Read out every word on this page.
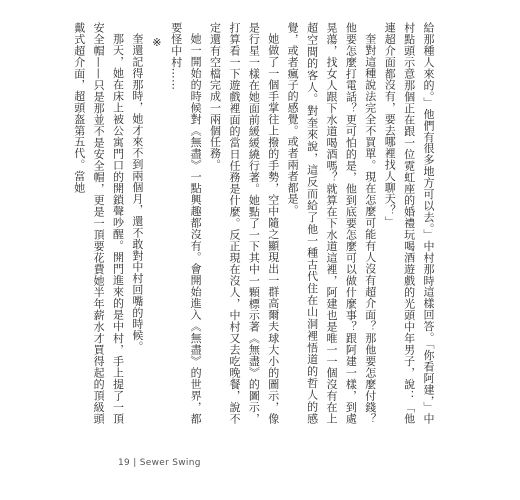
給那種人來的。」他們有很多地方可以去。」中村那時這樣回答。「你看阿建，」中村點頭示意那個正在跟一位霓虹座的婚禮玩喝酒遊戲的光頭中年男子，說：「他連超介面都沒有，要去哪裡找人聊天？」

奎對這種說法完全不買單。現在怎麼可能有人沒有超介面？那他要怎麼付錢？他要怎麼打電話？更可怕的是，他到底要怎麼可以做什麼事？跟阿建一樣，到處晃蕩，找女人跟下水道喝酒嗎？就算在下水道這裡，阿建也是唯一一個沒有在上超空間的客人。對奎來說，這反而給了他一種古代住在山洞裡悟道的哲人的感覺，或者瘋子的感覺。或者兩者都是。

她做了一個手掌往上撥的手勢，空中隨之顯現出一群高爾夫球大小的圖示，像是行星一樣在她面前緩緩繞行著。她點了一下其中一顆標示著《無盡》的圖示，打算看一下遊戲裡面的當日任務是什麼。反正現在沒人，中村又去吃晚餐，說不定還有空檔完成一兩個任務。

她一開始的時候對《無盡》一點興趣都沒有。會開始進入《無盡》的世界，都要怪中村……

※

奎還記得那時，她才來不到兩個月，還不敢對中村回嘴的時候。

那天，她在床上被公寓門口的開鎖聲吵醒。開門進來的是中村，手上提了一頂安全帽——只是那並不是安全帽，更是一頂要花費她半年薪水才買得起的頂級頭戴式超介面，超頭盔第五代。當她

19 | Sewer Swing
